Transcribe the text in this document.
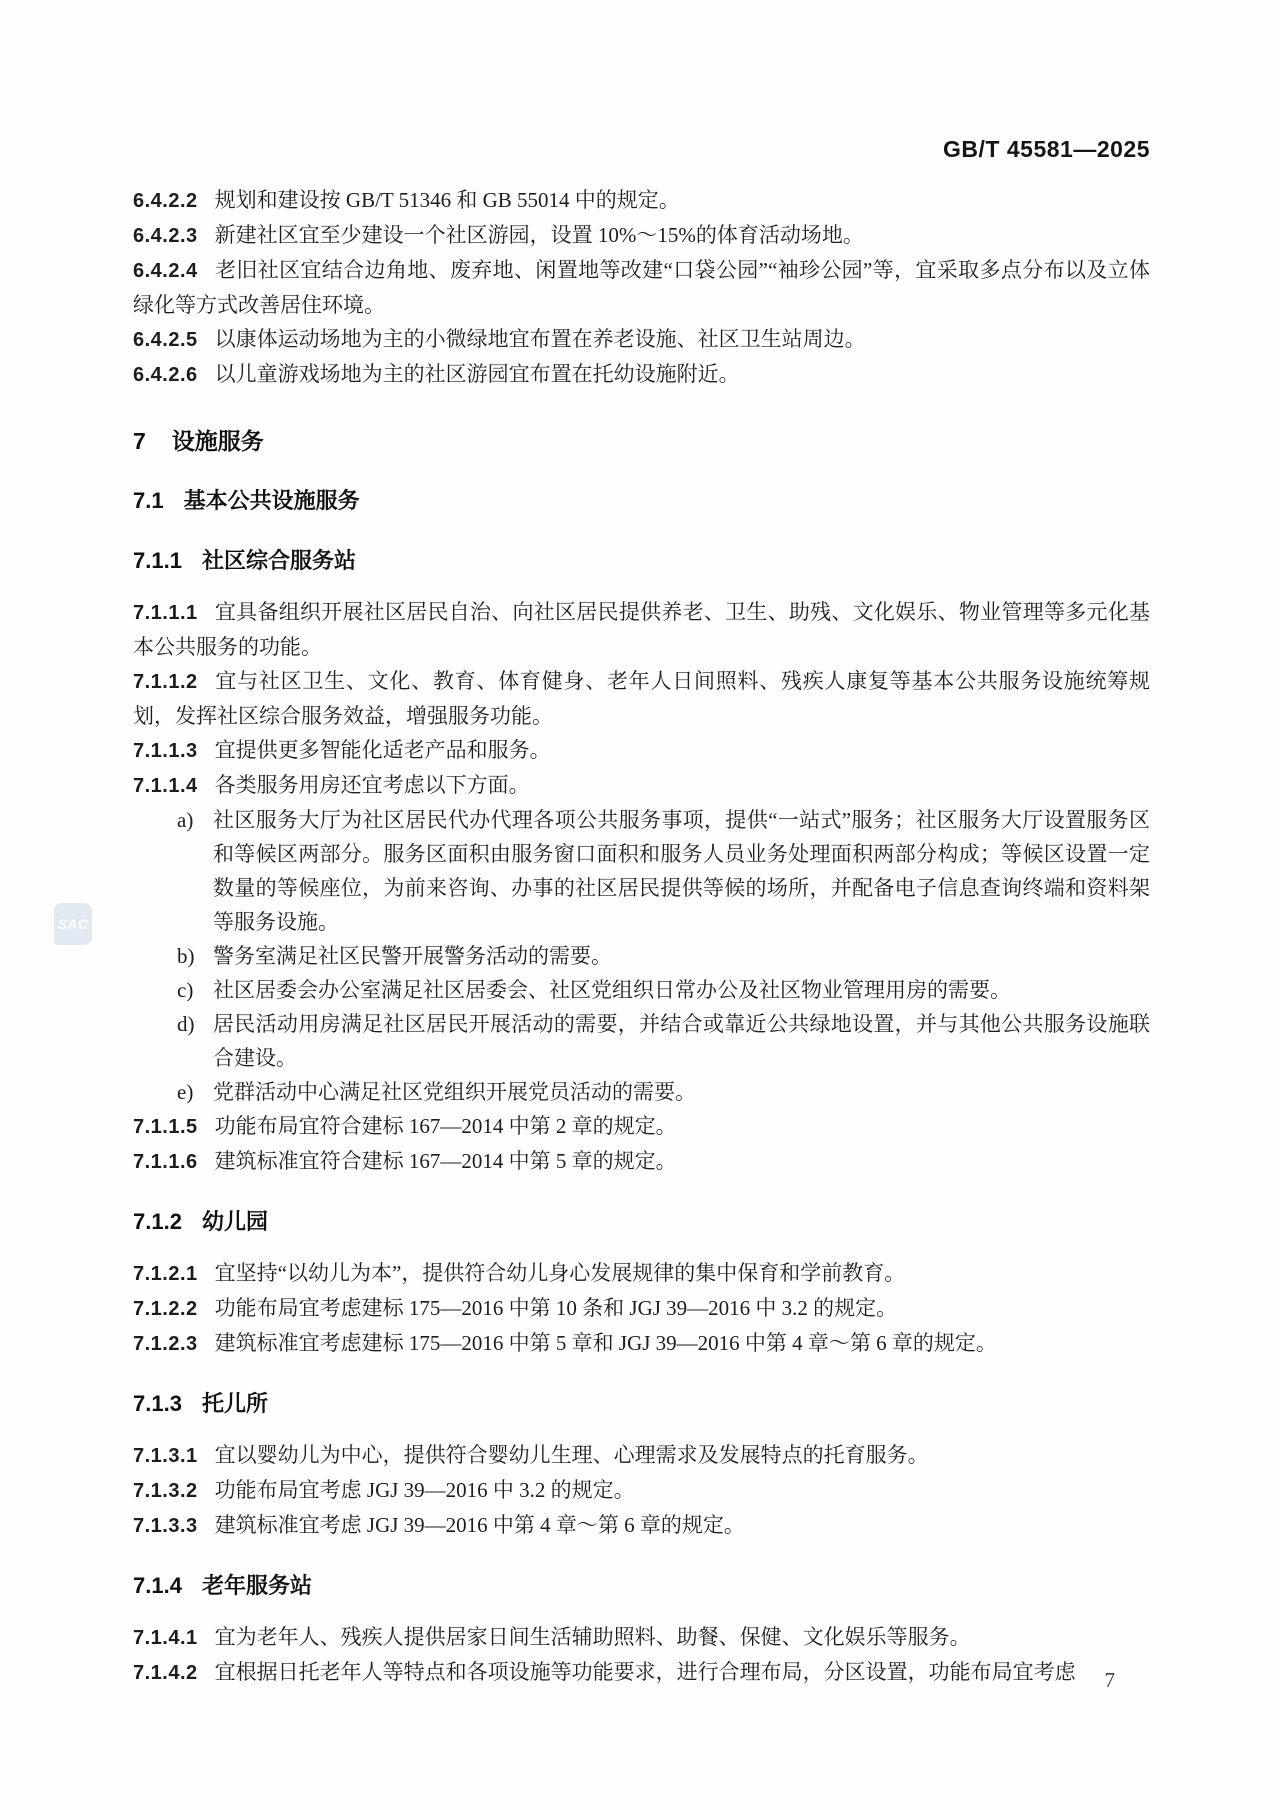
SAC
GB/T 45581—2025

6.4.2.2 规划和建设按 GB/T 51346 和 GB 55014 中的规定。

6.4.2.3 新建社区宜至少建设一个社区游园，设置 10%～15%的体育活动场地。

6.4.2.4 老旧社区宜结合边角地、废弃地、闲置地等改建“口袋公园”“袖珍公园”等，宜采取多点分布以及立体绿化等方式改善居住环境。

6.4.2.5 以康体运动场地为主的小微绿地宜布置在养老设施、社区卫生站周边。

6.4.2.6 以儿童游戏场地为主的社区游园宜布置在托幼设施附近。

7 设施服务

7.1 基本公共设施服务

7.1.1 社区综合服务站

7.1.1.1 宜具备组织开展社区居民自治、向社区居民提供养老、卫生、助残、文化娱乐、物业管理等多元化基本公共服务的功能。

7.1.1.2 宜与社区卫生、文化、教育、体育健身、老年人日间照料、残疾人康复等基本公共服务设施统筹规划，发挥社区综合服务效益，增强服务功能。

7.1.1.3 宜提供更多智能化适老产品和服务。

7.1.1.4 各类服务用房还宜考虑以下方面。

a) 社区服务大厅为社区居民代办代理各项公共服务事项，提供“一站式”服务；社区服务大厅设置服务区和等候区两部分。服务区面积由服务窗口面积和服务人员业务处理面积两部分构成；等候区设置一定数量的等候座位，为前来咨询、办事的社区居民提供等候的场所，并配备电子信息查询终端和资料架等服务设施。
b) 警务室满足社区民警开展警务活动的需要。
c) 社区居委会办公室满足社区居委会、社区党组织日常办公及社区物业管理用房的需要。
d) 居民活动用房满足社区居民开展活动的需要，并结合或靠近公共绿地设置，并与其他公共服务设施联合建设。
e) 党群活动中心满足社区党组织开展党员活动的需要。

7.1.1.5 功能布局宜符合建标 167—2014 中第 2 章的规定。

7.1.1.6 建筑标准宜符合建标 167—2014 中第 5 章的规定。

7.1.2 幼儿园

7.1.2.1 宜坚持“以幼儿为本”，提供符合幼儿身心发展规律的集中保育和学前教育。

7.1.2.2 功能布局宜考虑建标 175—2016 中第 10 条和 JGJ 39—2016 中 3.2 的规定。

7.1.2.3 建筑标准宜考虑建标 175—2016 中第 5 章和 JGJ 39—2016 中第 4 章～第 6 章的规定。

7.1.3 托儿所

7.1.3.1 宜以婴幼儿为中心，提供符合婴幼儿生理、心理需求及发展特点的托育服务。

7.1.3.2 功能布局宜考虑 JGJ 39—2016 中 3.2 的规定。

7.1.3.3 建筑标准宜考虑 JGJ 39—2016 中第 4 章～第 6 章的规定。

7.1.4 老年服务站

7.1.4.1 宜为老年人、残疾人提供居家日间生活辅助照料、助餐、保健、文化娱乐等服务。

7.1.4.2 宜根据日托老年人等特点和各项设施等功能要求，进行合理布局，分区设置，功能布局宜考虑	7
